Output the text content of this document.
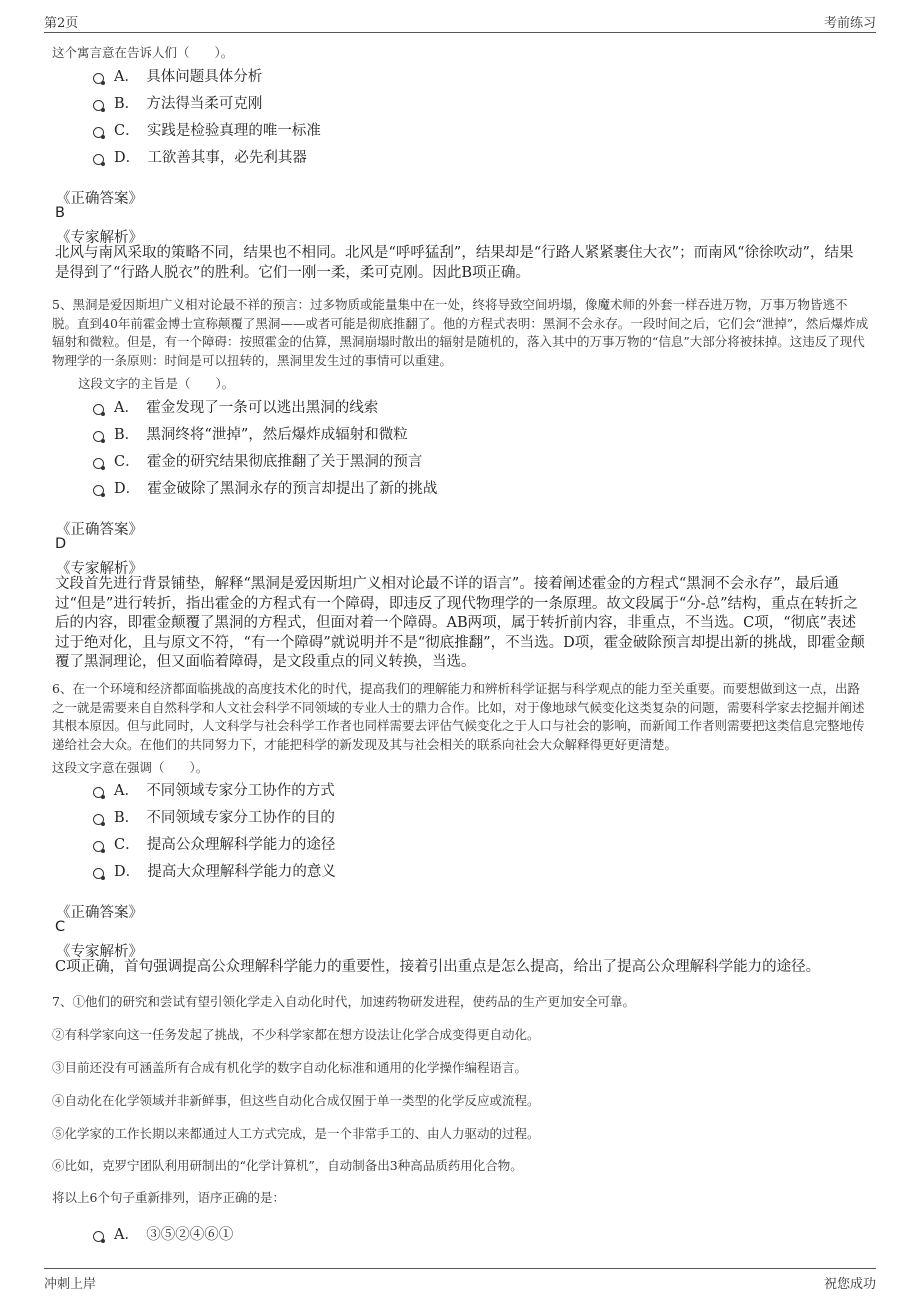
第2页	考前练习
这个寓言意在告诉人们（　　）。
A．　具体问题具体分析
B．　方法得当柔可克刚
C．　实践是检验真理的唯一标准
D．　工欲善其事，必先利其器
《正确答案》
B
《专家解析》
北风与南风采取的策略不同，结果也不相同。北风是“呼呼猛刮”，结果却是“行路人紧紧裹住大衣”；而南风“徐徐吹动”，结果是得到了“行路人脱衣”的胜利。它们一刚一柔，柔可克刚。因此B项正确。
5、黑洞是爱因斯坦广义相对论最不祥的预言：过多物质或能量集中在一处，终将导致空间坍塌，像魔术师的外套一样吞进万物，万事万物皆逃不脱。直到40年前霍金博士宣称颠覆了黑洞——或者可能是彻底推翻了。他的方程式表明：黑洞不会永存。一段时间之后，它们会“泄掉”，然后爆炸成辐射和微粒。但是，有一个障碍：按照霍金的估算，黑洞崩塌时散出的辐射是随机的，落入其中的万事万物的“信息”大部分将被抹掉。这违反了现代物理学的一条原则：时间是可以扭转的，黑洞里发生过的事情可以重建。
这段文字的主旨是（　　）。
A．　霍金发现了一条可以逃出黑洞的线索
B．　黑洞终将“泄掉”，然后爆炸成辐射和微粒
C．　霍金的研究结果彻底推翻了关于黑洞的预言
D．　霍金破除了黑洞永存的预言却提出了新的挑战
《正确答案》
D
《专家解析》
文段首先进行背景铺垫，解释“黑洞是爱因斯坦广义相对论最不详的语言”。接着阐述霍金的方程式“黑洞不会永存”，最后通过“但是”进行转折，指出霍金的方程式有一个障碍，即违反了现代物理学的一条原理。故文段属于“分-总”结构，重点在转折之后的内容，即霍金颠覆了黑洞的方程式，但面对着一个障碍。AB两项，属于转折前内容，非重点，不当选。C项，“彻底”表述过于绝对化，且与原文不符，“有一个障碍”就说明并不是“彻底推翻”，不当选。D项，霍金破除预言却提出新的挑战，即霍金颠覆了黑洞理论，但又面临着障碍，是文段重点的同义转换，当选。
6、在一个环境和经济都面临挑战的高度技术化的时代，提高我们的理解能力和辨析科学证据与科学观点的能力至关重要。而要想做到这一点，出路之一就是需要来自自然科学和人文社会科学不同领域的专业人士的鼎力合作。比如，对于像地球气候变化这类复杂的问题，需要科学家去挖掘并阐述其根本原因。但与此同时，人文科学与社会科学工作者也同样需要去评估气候变化之于人口与社会的影响，而新闻工作者则需要把这类信息完整地传递给社会大众。在他们的共同努力下，才能把科学的新发现及其与社会相关的联系向社会大众解释得更好更清楚。
这段文字意在强调（　　）。
A．　不同领域专家分工协作的方式
B．　不同领域专家分工协作的目的
C．　提高公众理解科学能力的途径
D．　提高大众理解科学能力的意义
《正确答案》
C
《专家解析》
C项正确，首句强调提高公众理解科学能力的重要性，接着引出重点是怎么提高，给出了提高公众理解科学能力的途径。
7、①他们的研究和尝试有望引领化学走入自动化时代，加速药物研发进程，使药品的生产更加安全可靠。
②有科学家向这一任务发起了挑战，不少科学家都在想方设法让化学合成变得更自动化。
③目前还没有可涵盖所有合成有机化学的数字自动化标准和通用的化学操作编程语言。
④自动化在化学领域并非新鲜事，但这些自动化合成仅囿于单一类型的化学反应或流程。
⑤化学家的工作长期以来都通过人工方式完成，是一个非常手工的、由人力驱动的过程。
⑥比如，克罗宁团队利用研制出的“化学计算机”，自动制备出3种高品质药用化合物。
将以上6个句子重新排列，语序正确的是：
A．　③⑤②④⑥①
冲刺上岸	祝您成功
